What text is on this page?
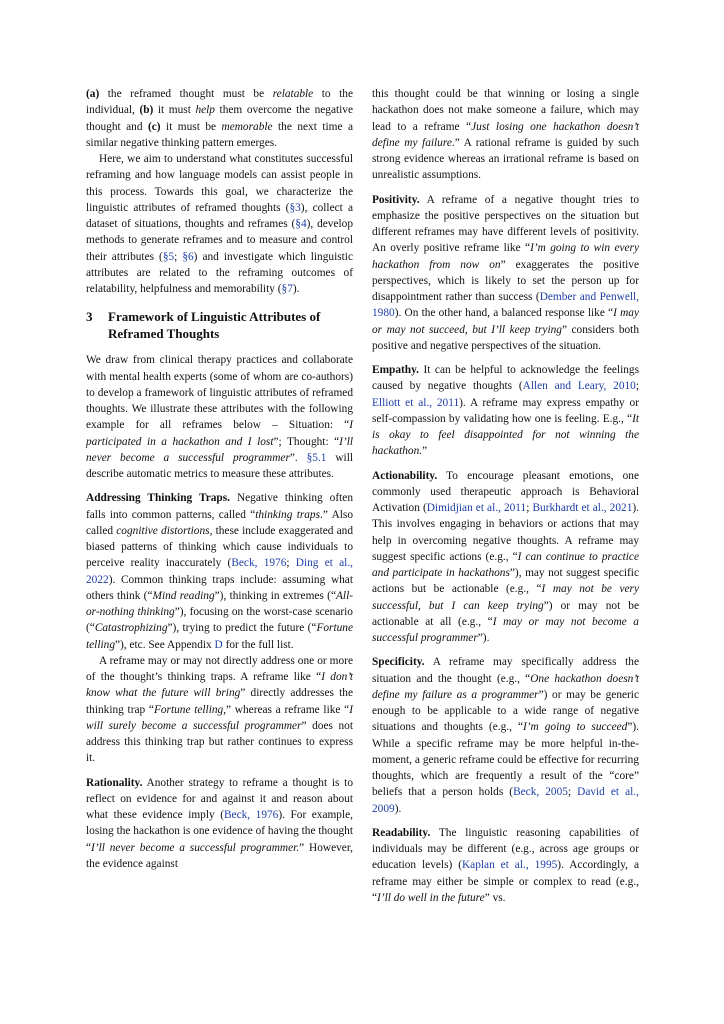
(a) the reframed thought must be relatable to the individual, (b) it must help them overcome the negative thought and (c) it must be memorable the next time a similar negative thinking pattern emerges.

Here, we aim to understand what constitutes successful reframing and how language models can assist people in this process. Towards this goal, we characterize the linguistic attributes of reframed thoughts (§3), collect a dataset of situations, thoughts and reframes (§4), develop methods to generate reframes and to measure and control their attributes (§5; §6) and investigate which linguistic attributes are related to the reframing outcomes of relatability, helpfulness and memorability (§7).

3	Framework of Linguistic Attributes of Reframed Thoughts

We draw from clinical therapy practices and collaborate with mental health experts (some of whom are co-authors) to develop a framework of linguistic attributes of reframed thoughts. We illustrate these attributes with the following example for all reframes below – Situation: “I participated in a hackathon and I lost”; Thought: “I’ll never become a successful programmer”. §5.1 will describe automatic metrics to measure these attributes.

Addressing Thinking Traps. Negative thinking often falls into common patterns, called “thinking traps.” Also called cognitive distortions, these include exaggerated and biased patterns of thinking which cause individuals to perceive reality inaccurately (Beck, 1976; Ding et al., 2022). Common thinking traps include: assuming what others think (“Mind reading”), thinking in extremes (“All-or-nothing thinking”), focusing on the worst-case scenario (“Catastrophizing”), trying to predict the future (“Fortune telling”), etc. See Appendix D for the full list.

A reframe may or may not directly address one or more of the thought’s thinking traps. A reframe like “I don’t know what the future will bring” directly addresses the thinking trap “Fortune telling,” whereas a reframe like “I will surely become a successful programmer” does not address this thinking trap but rather continues to express it.

Rationality. Another strategy to reframe a thought is to reflect on evidence for and against it and reason about what these evidence imply (Beck, 1976). For example, losing the hackathon is one evidence of having the thought “I’ll never become a successful programmer.” However, the evidence against

this thought could be that winning or losing a single hackathon does not make someone a failure, which may lead to a reframe “Just losing one hackathon doesn’t define my failure.” A rational reframe is guided by such strong evidence whereas an irrational reframe is based on unrealistic assumptions.

Positivity. A reframe of a negative thought tries to emphasize the positive perspectives on the situation but different reframes may have different levels of positivity. An overly positive reframe like “I’m going to win every hackathon from now on” exaggerates the positive perspectives, which is likely to set the person up for disappointment rather than success (Dember and Penwell, 1980). On the other hand, a balanced response like “I may or may not succeed, but I’ll keep trying” considers both positive and negative perspectives of the situation.

Empathy. It can be helpful to acknowledge the feelings caused by negative thoughts (Allen and Leary, 2010; Elliott et al., 2011). A reframe may express empathy or self-compassion by validating how one is feeling. E.g., “It is okay to feel disappointed for not winning the hackathon.”

Actionability. To encourage pleasant emotions, one commonly used therapeutic approach is Behavioral Activation (Dimidjian et al., 2011; Burkhardt et al., 2021). This involves engaging in behaviors or actions that may help in overcoming negative thoughts. A reframe may suggest specific actions (e.g., “I can continue to practice and participate in hackathons”), may not suggest specific actions but be actionable (e.g., “I may not be very successful, but I can keep trying”) or may not be actionable at all (e.g., “I may or may not become a successful programmer”).

Specificity. A reframe may specifically address the situation and the thought (e.g., “One hackathon doesn’t define my failure as a programmer”) or may be generic enough to be applicable to a wide range of negative situations and thoughts (e.g., “I’m going to succeed”). While a specific reframe may be more helpful in-the-moment, a generic reframe could be effective for recurring thoughts, which are frequently a result of the “core” beliefs that a person holds (Beck, 2005; David et al., 2009).

Readability. The linguistic reasoning capabilities of individuals may be different (e.g., across age groups or education levels) (Kaplan et al., 1995). Accordingly, a reframe may either be simple or complex to read (e.g., “I’ll do well in the future” vs.
